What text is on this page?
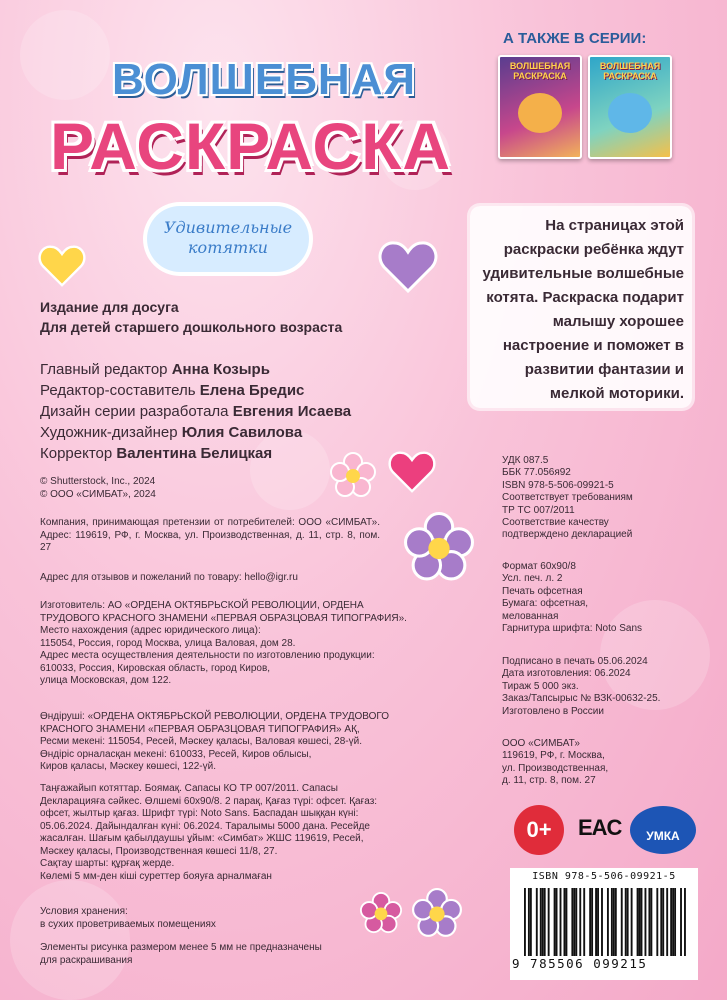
ВОЛШЕБНАЯ
РАСКРАСКА
Удивительные
котятки
А ТАКЖЕ В СЕРИИ:
ВОЛШЕБНАЯ РАСКРАСКА
ВОЛШЕБНАЯ РАСКРАСКА
На страницах этой раскраски ребёнка ждут удивительные волшебные котята. Раскраска подарит малышу хорошее настроение и поможет в развитии фантазии и мелкой моторики.
Издание для досуга
Для детей старшего дошкольного возраста
Главный редактор Анна Козырь
Редактор-составитель Елена Бредис
Дизайн серии разработала Евгения Исаева
Художник-дизайнер Юлия Савилова
Корректор Валентина Белицкая
© Shutterstock, Inc., 2024
© ООО «СИМБАТ», 2024
Компания, принимающая претензии от потребителей: ООО «СИМБАТ». Адрес: 119619, РФ, г. Москва, ул. Производственная, д. 11, стр. 8, пом. 27
Адрес для отзывов и пожеланий по товару: hello@igr.ru
Изготовитель: АО «ОРДЕНА ОКТЯБРЬСКОЙ РЕВОЛЮЦИИ, ОРДЕНА
ТРУДОВОГО КРАСНОГО ЗНАМЕНИ «ПЕРВАЯ ОБРАЗЦОВАЯ ТИПОГРАФИЯ».
Место нахождения (адрес юридического лица):
115054, Россия, город Москва, улица Валовая, дом 28.
Адрес места осуществления деятельности по изготовлению продукции:
610033, Россия, Кировская область, город Киров,
улица Московская, дом 122.
Өндіруші: «ОРДЕНА ОКТЯБРЬСКОЙ РЕВОЛЮЦИИ, ОРДЕНА ТРУДОВОГО
КРАСНОГО ЗНАМЕНИ «ПЕРВАЯ ОБРАЗЦОВАЯ ТИПОГРАФИЯ» АҚ,
Ресми мекені: 115054, Ресей, Мәскеу қаласы, Валовая көшесі, 28-үй.
Өндіріс орналасқан мекені: 610033, Ресей, Киров облысы,
Киров қаласы, Мәскеу көшесі, 122-үй.
Таңғажайып котяттар. Боямақ. Сапасы КО ТР 007/2011. Сапасы
Декларацияға сәйкес. Өлшемі 60x90/8. 2 парақ, Қағаз түрі: офсет. Қағаз:
офсет, жылтыр қағаз. Шрифт түрі: Noto Sans. Баспадан шыққан күні:
05.06.2024. Дайындалған күні: 06.2024. Таралымы 5000 дана. Ресейде
жасалған. Шағым қабылдаушы ұйым: «Симбат» ЖШС 119619, Ресей,
Мәскеу қаласы, Производственная көшесі 11/8, 27.
Сақтау шарты: құрғақ жерде.
Көлемі 5 мм-ден кіші суреттер бояуға арналмаған
Условия хранения:
в сухих проветриваемых помещениях
Элементы рисунка размером менее 5 мм не предназначены
для раскрашивания
УДК 087.5
ББК 77.056я92
ISBN 978-5-506-09921-5
Соответствует требованиям
ТР ТС 007/2011
Соответствие качеству
подтверждено декларацией
Формат 60x90/8
Усл. печ. л. 2
Печать офсетная
Бумага: офсетная,
мелованная
Гарнитура шрифта: Noto Sans
Подписано в печать 05.06.2024
Дата изготовления: 06.2024
Тираж 5 000 экз.
Заказ/Тапсырыс № ВЗК-00632-25.
Изготовлено в России
ООО «СИМБАТ»
119619, РФ, г. Москва,
ул. Производственная,
д. 11, стр. 8, пом. 27
0+	EAC	УМКА
ISBN 978-5-506-09921-5
9 785506 099215
